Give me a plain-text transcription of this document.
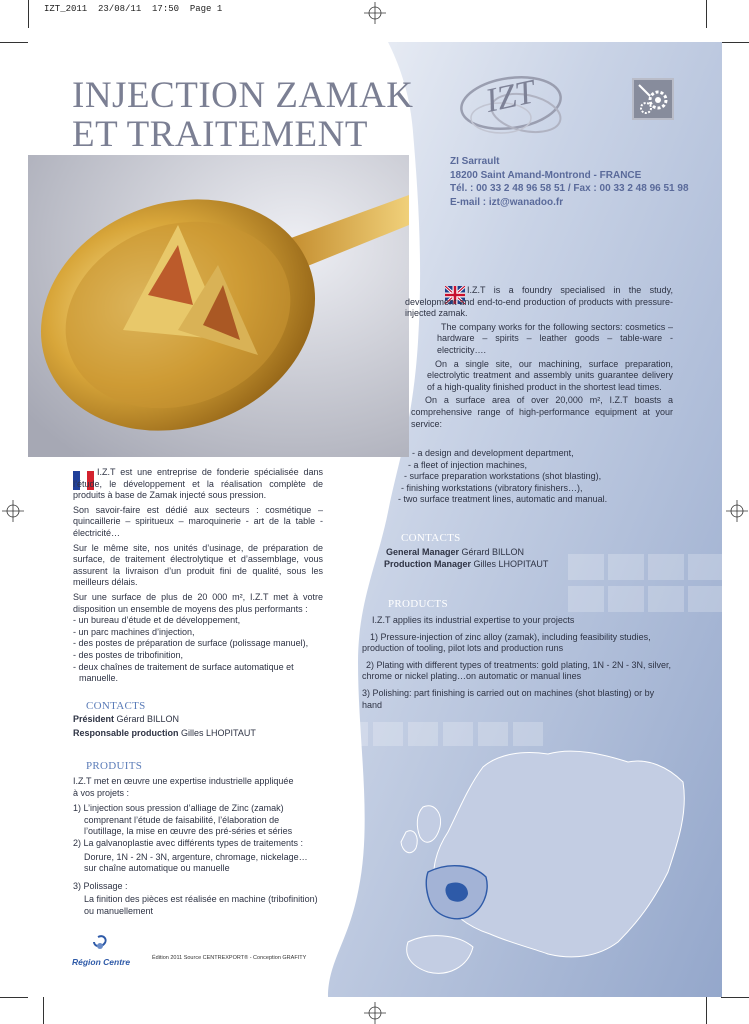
IZT_2011  23/08/11  17:50  Page 1
INJECTION ZAMAK
ET TRAITEMENT
IZT
ZI Sarrault
18200 Saint Amand-Montrond - FRANCE
Tél. : 00 33 2 48 96 58 51 / Fax : 00 33 2 48 96 51 98
E-mail : izt@wanadoo.fr

I.Z.T is a foundry specialised in the study, development and end-to-end production of products with pressure-injected zamak.

The company works for the following sectors: cosmetics – hardware – spirits – leather goods – table-ware - electricity….

On a single site, our machining, surface preparation, electrolytic treatment and assembly units guarantee delivery of a high-quality finished product in the shortest lead times.

On a surface area of over 20,000 m², I.Z.T boasts a comprehensive range of high-performance equipment at your service:

- a design and development department,
- a fleet of injection machines,
- surface preparation workstations (shot blasting),
- finishing workstations (vibratory finishers…),
- two surface treatment lines, automatic and manual.
CONTACTS
General Manager Gérard BILLON
Production Manager Gilles LHOPITAUT
PRODUCTS
I.Z.T applies its industrial expertise to your projects
1) Pressure-injection of zinc alloy (zamak), including feasibility studies, production of tooling, pilot lots and production runs
2) Plating with different types of treatments: gold plating, 1N - 2N - 3N, silver, chrome or nickel plating…on automatic or manual lines
3) Polishing: part finishing is carried out on machines (shot blasting) or by hand

I.Z.T est une entreprise de fonderie spécialisée dans l’étude, le développement et la réalisation complète de produits à base de Zamak injecté sous pression.

Son savoir-faire est dédié aux secteurs : cosmétique – quincaillerie – spiritueux – maroquinerie - art de la table - électricité…

Sur le même site, nos unités d’usinage, de préparation de surface, de traitement électrolytique et d’assemblage, vous assurent la livraison d’un produit fini de qualité, sous les meilleurs délais.

Sur une surface de plus de 20 000 m², I.Z.T met à votre disposition un ensemble de moyens des plus performants :

- un bureau d’étude et de développement,
- un parc machines d’injection,
- des postes de préparation de surface (polissage manuel),
- des postes de tribofinition,
- deux chaînes de traitement de surface automatique et
manuelle.
CONTACTS
Président Gérard BILLON
Responsable production Gilles LHOPITAUT
PRODUITS
I.Z.T met en œuvre une expertise industrielle appliquée
à vos projets :
1) L’injection sous pression d’alliage de Zinc (zamak)
comprenant l’étude de faisabilité, l’élaboration de
l’outillage, la mise en œuvre des pré-séries et séries
2) La galvanoplastie avec différents types de traitements :
Dorure, 1N - 2N - 3N, argenture, chromage, nickelage…
sur chaîne automatique ou manuelle
3) Polissage :
La finition des pièces est réalisée en machine (tribofinition)
ou manuellement
Région Centre	Édition 2011 Source CENTREXPORT® - Conception GRAFITY
